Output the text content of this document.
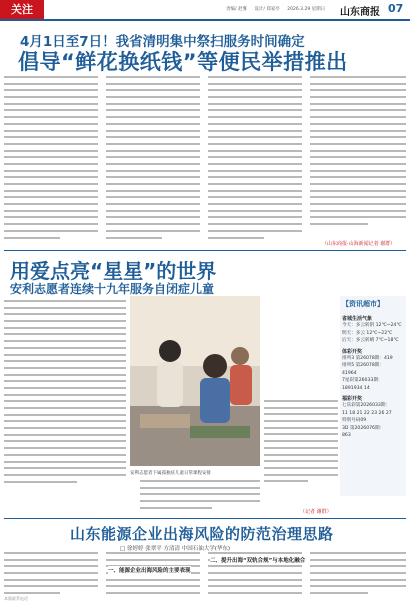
关注	责编/ 赵雾 设计/ 郑家亭 2026.3.29 星期日	山东商报 07
4月1日至7日！我省清明集中祭扫服务时间确定
倡导“鲜花换纸钱”等便民举措推出
（山东商报·山海新闻记者 谢群）
用爱点亮“星星”的世界
安利志愿者连续十九年服务自闭症儿童
安利志愿者下属孤独症儿童日常课程安排
（记者 谢群）
【资讯超市】
省城生活气象
今天：多云转阴 12℃~24℃
明天：多云 12℃~22℃
后天：多云转晴 7℃~18℃
体彩开奖
排列3 第26078期：419
排列5 第26078期：
41964
7星彩第26033期：
1891934 14
福彩开奖
七乐彩第2026033期：
11 18 21 22 23 26 27
特别号码09
3D 第2026076期：
863
山东能源企业出海风险的防范治理思路
□ 徐婷婷 张翠平 方清清 中国石油大学(华东)
一、能源企业出海风险的主要表现
二、提升出海“双轨合规”与本地化融合
本版联系电话
